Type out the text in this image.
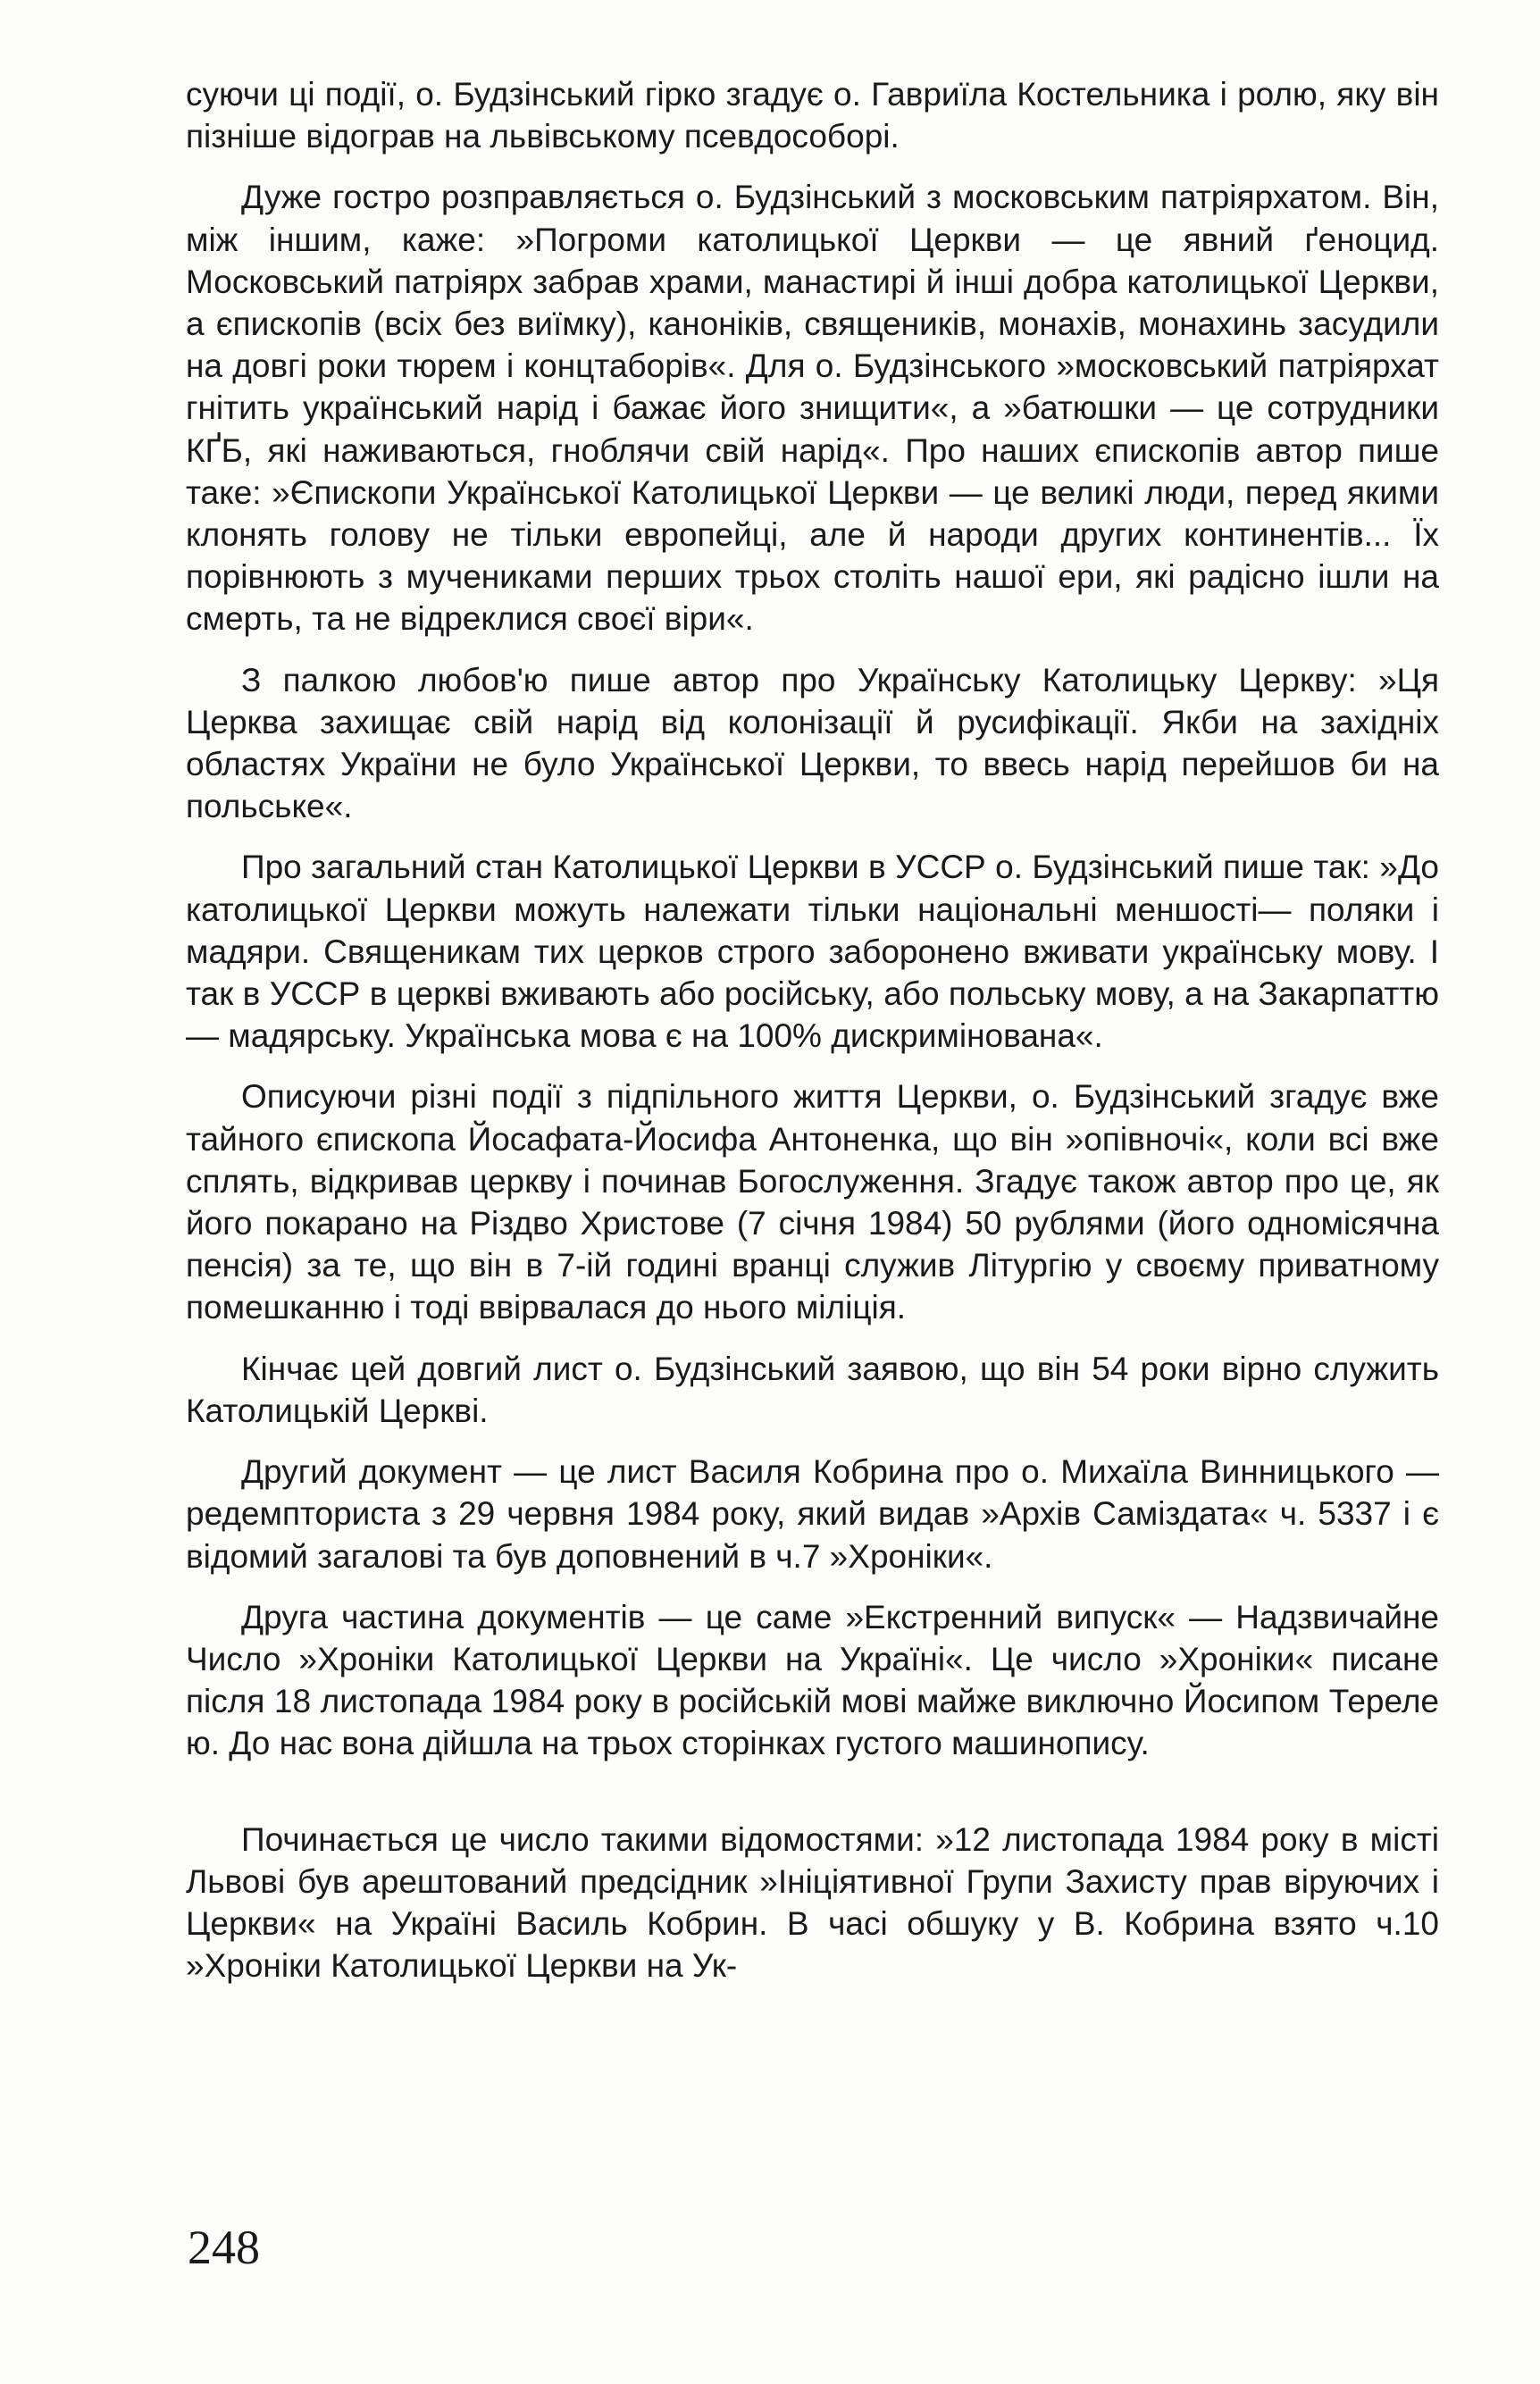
суючи ці події, о. Будзінський гірко згадує о. Гавриїла Костельника і ролю, яку він пізніше відограв на львівському псевдособорі.

Дуже гостро розправляється о. Будзінський з московським патріярхатом. Він, між іншим, каже: »Погроми католицької Церкви — це явний ґеноцид. Московський патріярх забрав храми, манастирі й інші добра католицької Церкви, а єпископів (всіх без виїмку), каноніків, священиків, монахів, монахинь засудили на довгі роки тюрем і концтаборів«. Для о. Будзінського »московський патріярхат гнітить український нарід і бажає його знищити«, а »батюшки — це сотрудники КҐБ, які наживаються, гноблячи свій нарід«. Про наших єпископів автор пише таке: »Єпископи Української Католицької Церкви — це великі люди, перед якими клонять голову не тільки европейці, але й народи других континентів... Їх порівнюють з мучениками перших трьох століть нашої ери, які радісно ішли на смерть, та не відреклися своєї віри«.

З палкою любов'ю пише автор про Українську Католицьку Церкву: »Ця Церква захищає свій нарід від колонізації й русифікації. Якби на західніх областях України не було Української Церкви, то ввесь нарід перейшов би на польське«.

Про загальний стан Католицької Церкви в УССР о. Будзінський пише так: »До католицької Церкви можуть належати тільки національні меншості— поляки і мадяри. Священикам тих церков строго заборонено вживати українську мову. І так в УССР в церкві вживають або російську, або польську мову, а на Закарпаттю — мадярську. Українська мова є на 100% дискримінована«.

Описуючи різні події з підпільного життя Церкви, о. Будзінський згадує вже тайного єпископа Йосафата-Йосифа Антоненка, що він »опівночі«, коли всі вже сплять, відкривав церкву і починав Богослуження. Згадує також автор про це, як його покарано на Різдво Христове (7 січня 1984) 50 рублями (його одномісячна пенсія) за те, що він в 7-ій годині вранці служив Літургію у своєму приватному помешканню і тоді ввірвалася до нього міліція.

Кінчає цей довгий лист о. Будзінський заявою, що він 54 роки вірно служить Католицькій Церкві.

Другий документ — це лист Василя Кобрина про о. Михаїла Винницького — редемпториста з 29 червня 1984 року, який видав »Архів Самiздата« ч. 5337 і є відомий загалові та був доповнений в ч.7 »Хроніки«.

Друга частина документів — це саме »Екстренний випуск« — Надзвичайне Число »Хроніки Католицької Церкви на Україні«. Це число »Хроніки« писане після 18 листопада 1984 року в російській мові майже виключно Йосипом Тереле​ю. До нас вона дійшла на трьох сторінках густого машинопису.

Починається це число такими відомостями: »12 листопада 1984 року в місті Львові був арештований предсідник »Ініціятивної Групи Захисту прав віруючих і Церкви« на Україні Василь Кобрин. В часі обшуку у В. Кобрина взято ч.10 »Хроніки Католицької Церкви на Ук-

248
